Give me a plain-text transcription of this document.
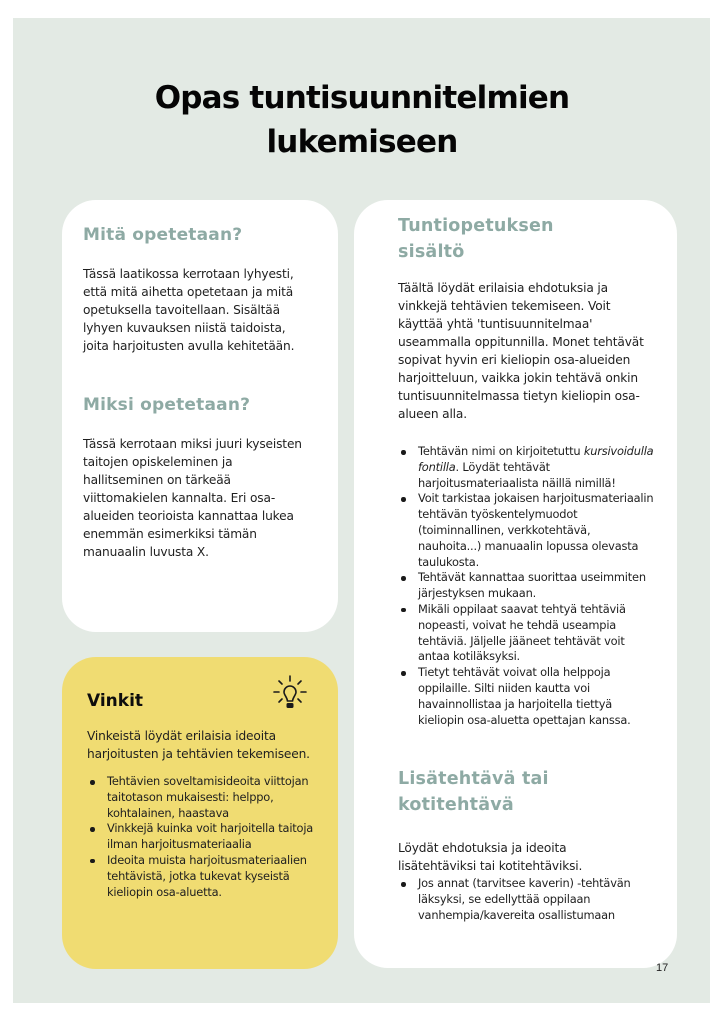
Opas tuntisuunnitelmien
lukemiseen
Mitä opetetaan?

Tässä laatikossa kerrotaan lyhyesti, että mitä aihetta opetetaan ja mitä opetuksella tavoitellaan. Sisältää lyhyen kuvauksen niistä taidoista, joita harjoitusten avulla kehitetään.

Miksi opetetaan?

Tässä kerrotaan miksi juuri kyseisten taitojen opiskeleminen ja hallitseminen on tärkeää viittomakielen kannalta. Eri osa-alueiden teorioista kannattaa lukea enemmän esimerkiksi tämän manuaalin luvusta X.

Vinkit

Vinkeistä löydät erilaisia ideoita harjoitusten ja tehtävien tekemiseen.

Tehtävien soveltamisideoita viittojan taitotason mukaisesti: helppo, kohtalainen, haastava
Vinkkejä kuinka voit harjoitella taitoja ilman harjoitusmateriaalia
Ideoita muista harjoitusmateriaalien tehtävistä, jotka tukevat kyseistä kieliopin osa-aluetta.
Tuntiopetuksen
sisältö

Täältä löydät erilaisia ehdotuksia ja vinkkejä tehtävien tekemiseen. Voit käyttää yhtä 'tuntisuunnitelmaa' useammalla oppitunnilla. Monet tehtävät sopivat hyvin eri kieliopin osa-alueiden harjoitteluun, vaikka jokin tehtävä onkin tuntisuunnitelmassa tietyn kieliopin osa-alueen alla.

Tehtävän nimi on kirjoitetuttu kursivoidulla fontilla. Löydät tehtävät harjoitusmateriaalista näillä nimillä!
Voit tarkistaa jokaisen harjoitusmateriaalin tehtävän työskentelymuodot (toiminnallinen, verkkotehtävä, nauhoita...) manuaalin lopussa olevasta taulukosta.
Tehtävät kannattaa suorittaa useimmiten järjestyksen mukaan.
Mikäli oppilaat saavat tehtyä tehtäviä nopeasti, voivat he tehdä useampia tehtäviä. Jäljelle jääneet tehtävät voit antaa kotiläksyksi.
Tietyt tehtävät voivat olla helppoja oppilaille. Silti niiden kautta voi havainnollistaa ja harjoitella tiettyä kieliopin osa-aluetta opettajan kanssa.
Lisätehtävä tai
kotitehtävä

Löydät ehdotuksia ja ideoita lisätehtäviksi tai kotitehtäviksi.

Jos annat (tarvitsee kaverin) -tehtävän läksyksi, se edellyttää oppilaan vanhempia/kavereita osallistumaan
17
